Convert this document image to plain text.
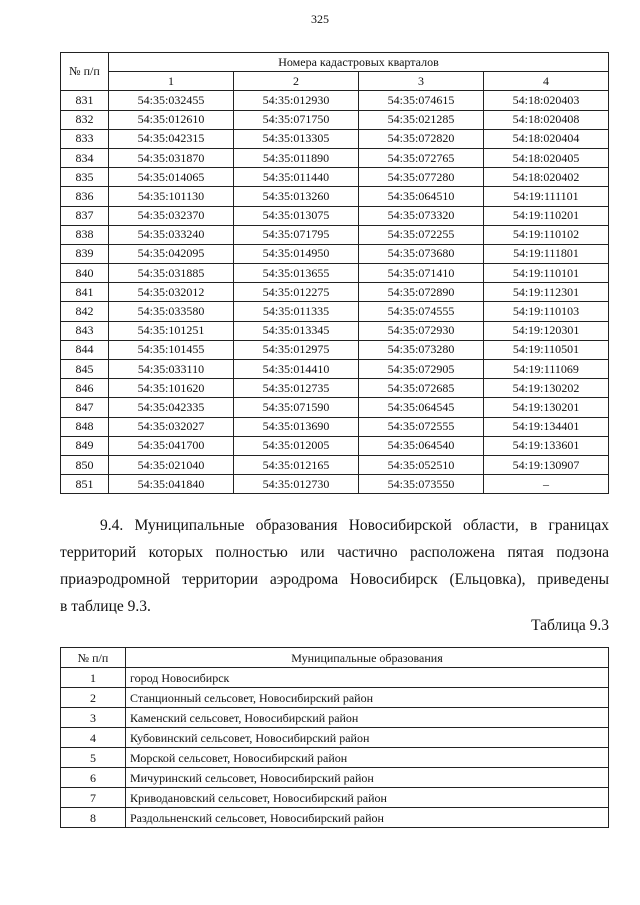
325
№ п/п	Номера кадастровых кварталов			
	1	2	3	4
831	54:35:032455	54:35:012930	54:35:074615	54:18:020403
832	54:35:012610	54:35:071750	54:35:021285	54:18:020408
833	54:35:042315	54:35:013305	54:35:072820	54:18:020404
834	54:35:031870	54:35:011890	54:35:072765	54:18:020405
835	54:35:014065	54:35:011440	54:35:077280	54:18:020402
836	54:35:101130	54:35:013260	54:35:064510	54:19:111101
837	54:35:032370	54:35:013075	54:35:073320	54:19:110201
838	54:35:033240	54:35:071795	54:35:072255	54:19:110102
839	54:35:042095	54:35:014950	54:35:073680	54:19:111801
840	54:35:031885	54:35:013655	54:35:071410	54:19:110101
841	54:35:032012	54:35:012275	54:35:072890	54:19:112301
842	54:35:033580	54:35:011335	54:35:074555	54:19:110103
843	54:35:101251	54:35:013345	54:35:072930	54:19:120301
844	54:35:101455	54:35:012975	54:35:073280	54:19:110501
845	54:35:033110	54:35:014410	54:35:072905	54:19:111069
846	54:35:101620	54:35:012735	54:35:072685	54:19:130202
847	54:35:042335	54:35:071590	54:35:064545	54:19:130201
848	54:35:032027	54:35:013690	54:35:072555	54:19:134401
849	54:35:041700	54:35:012005	54:35:064540	54:19:133601
850	54:35:021040	54:35:012165	54:35:052510	54:19:130907
851	54:35:041840	54:35:012730	54:35:073550	–
9.4. Муниципальные образования Новосибирской области, в границах
территорий которых полностью или частично расположена пятая подзона
приаэродромной территории аэродрома Новосибирск (Ельцовка), приведены
в таблице 9.3.
Таблица 9.3
№ п/п	Муниципальные образования
1	город Новосибирск
2	Станционный сельсовет, Новосибирский район
3	Каменский сельсовет, Новосибирский район
4	Кубовинский сельсовет, Новосибирский район
5	Морской сельсовет, Новосибирский район
6	Мичуринский сельсовет, Новосибирский район
7	Криводановский сельсовет, Новосибирский район
8	Раздольненский сельсовет, Новосибирский район
